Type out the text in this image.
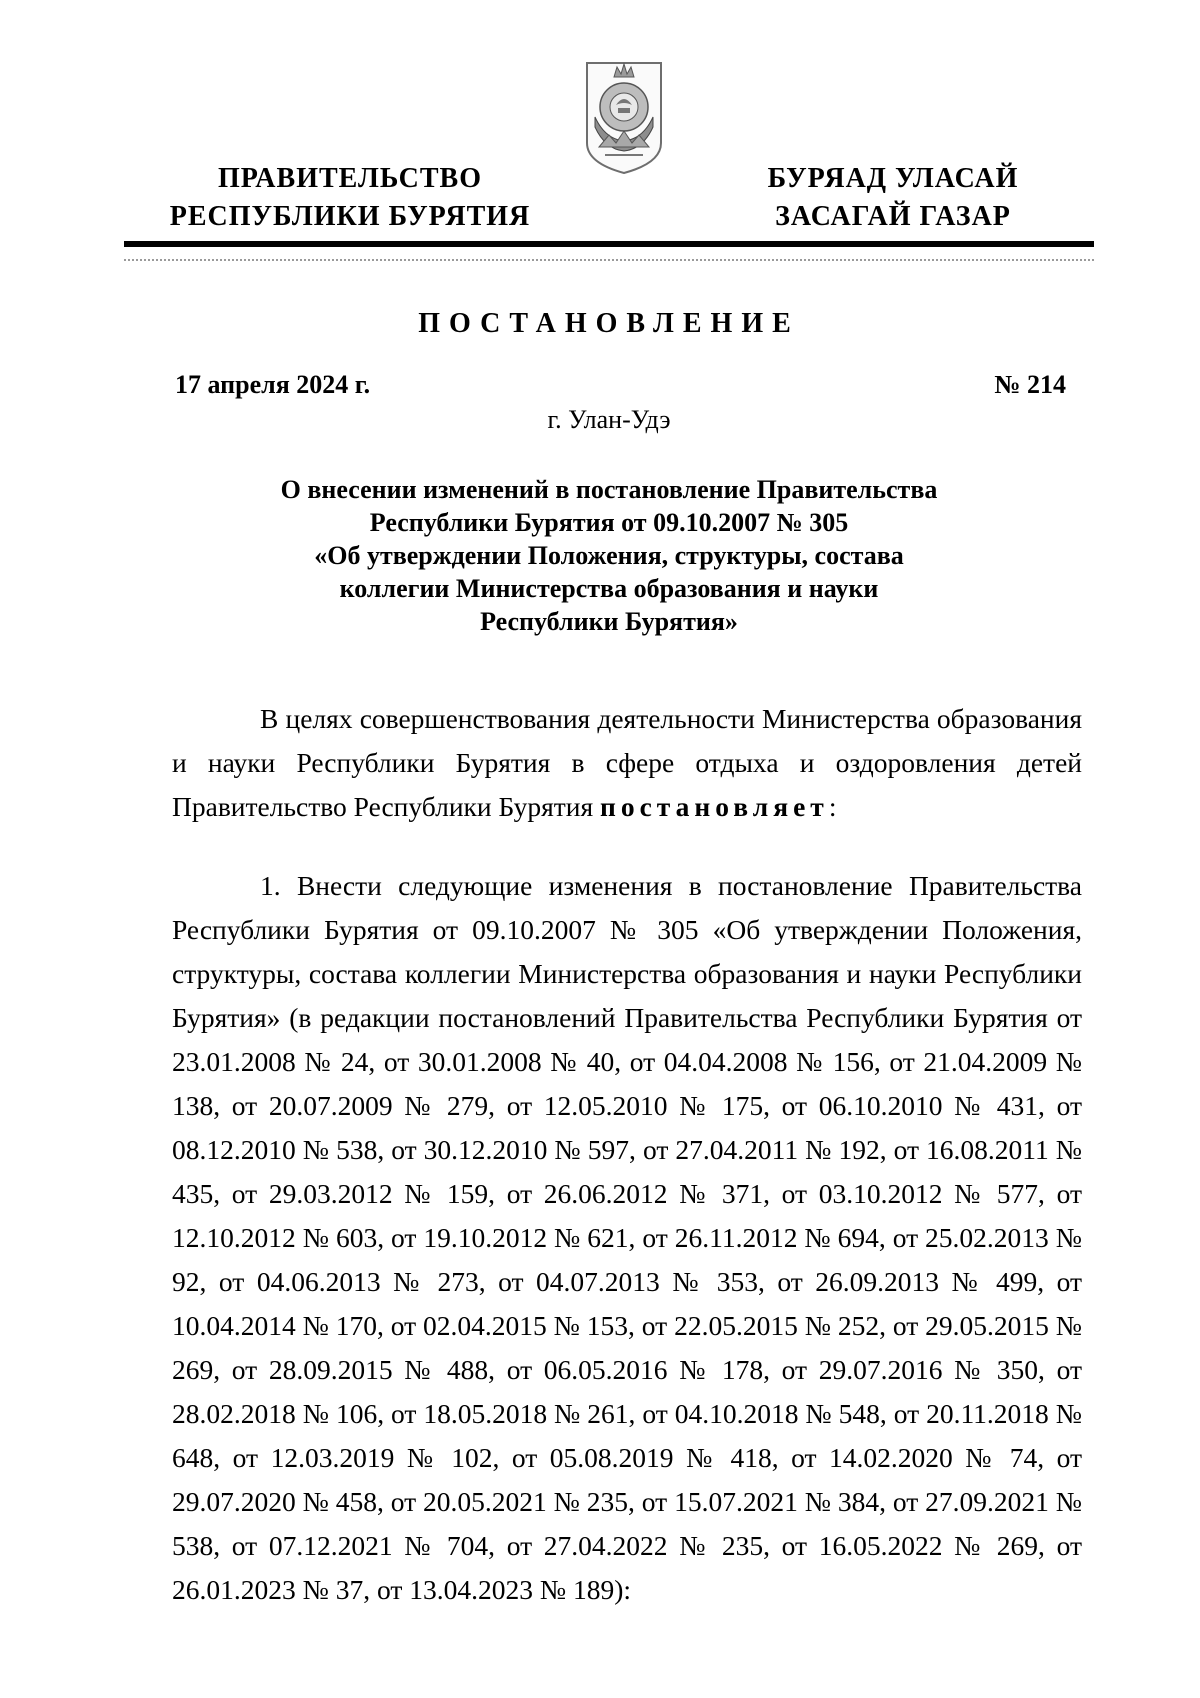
ПРАВИТЕЛЬСТВО
РЕСПУБЛИКИ БУРЯТИЯ
БУРЯАД УЛАСАЙ
ЗАСАГАЙ ГАЗАР
ПОСТАНОВЛЕНИЕ
17 апреля 2024 г.	№ 214
г. Улан-Удэ
О внесении изменений в постановление Правительства
Республики Бурятия от 09.10.2007 № 305
«Об утверждении Положения, структуры, состава
коллегии Министерства образования и науки
Республики Бурятия»
В целях совершенствования деятельности Министерства образования и науки Республики Бурятия в сфере отдыха и оздоровления детей Правительство Республики Бурятия постановляет:
1. Внести следующие изменения в постановление Правительства Республики Бурятия от 09.10.2007 № 305 «Об утверждении Положения, структуры, состава коллегии Министерства образования и науки Республики Бурятия» (в редакции постановлений Правительства Республики Бурятия от 23.01.2008 № 24, от 30.01.2008 № 40, от 04.04.2008 № 156, от 21.04.2009 № 138, от 20.07.2009 № 279, от 12.05.2010 № 175, от 06.10.2010 № 431, от 08.12.2010 № 538, от 30.12.2010 № 597, от 27.04.2011 № 192, от 16.08.2011 № 435, от 29.03.2012 № 159, от 26.06.2012 № 371, от 03.10.2012 № 577, от 12.10.2012 № 603, от 19.10.2012 № 621, от 26.11.2012 № 694, от 25.02.2013 № 92, от 04.06.2013 № 273, от 04.07.2013 № 353, от 26.09.2013 № 499, от 10.04.2014 № 170, от 02.04.2015 № 153, от 22.05.2015 № 252, от 29.05.2015 № 269, от 28.09.2015 № 488, от 06.05.2016 № 178, от 29.07.2016 № 350, от 28.02.2018 № 106, от 18.05.2018 № 261, от 04.10.2018 № 548, от 20.11.2018 № 648, от 12.03.2019 № 102, от 05.08.2019 № 418, от 14.02.2020 № 74, от 29.07.2020 № 458, от 20.05.2021 № 235, от 15.07.2021 № 384, от 27.09.2021 № 538, от 07.12.2021 № 704, от 27.04.2022 № 235, от 16.05.2022 № 269, от 26.01.2023 № 37, от 13.04.2023 № 189):
